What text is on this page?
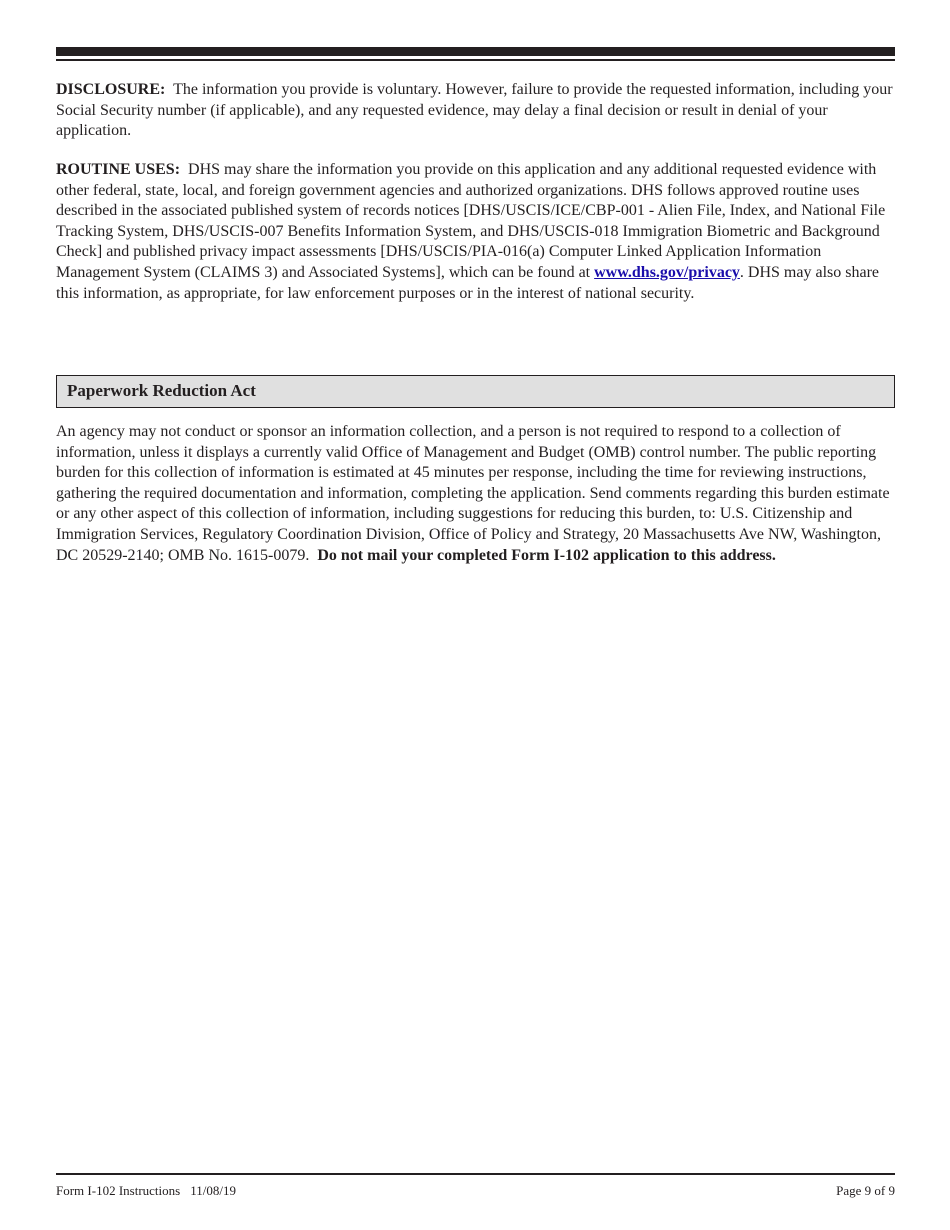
DISCLOSURE: The information you provide is voluntary. However, failure to provide the requested information, including your Social Security number (if applicable), and any requested evidence, may delay a final decision or result in denial of your application.

ROUTINE USES: DHS may share the information you provide on this application and any additional requested evidence with other federal, state, local, and foreign government agencies and authorized organizations. DHS follows approved routine uses described in the associated published system of records notices [DHS/USCIS/ICE/CBP-001 - Alien File, Index, and National File Tracking System, DHS/USCIS-007 Benefits Information System, and DHS/USCIS-018 Immigration Biometric and Background Check] and published privacy impact assessments [DHS/USCIS/PIA-016(a) Computer Linked Application Information Management System (CLAIMS 3) and Associated Systems], which can be found at www.dhs.gov/privacy. DHS may also share this information, as appropriate, for law enforcement purposes or in the interest of national security.

Paperwork Reduction Act

An agency may not conduct or sponsor an information collection, and a person is not required to respond to a collection of information, unless it displays a currently valid Office of Management and Budget (OMB) control number. The public reporting burden for this collection of information is estimated at 45 minutes per response, including the time for reviewing instructions, gathering the required documentation and information, completing the application. Send comments regarding this burden estimate or any other aspect of this collection of information, including suggestions for reducing this burden, to: U.S. Citizenship and Immigration Services, Regulatory Coordination Division, Office of Policy and Strategy, 20 Massachusetts Ave NW, Washington, DC 20529-2140; OMB No. 1615-0079. Do not mail your completed Form I-102 application to this address.

Form I-102 Instructions 11/08/19	Page 9 of 9
